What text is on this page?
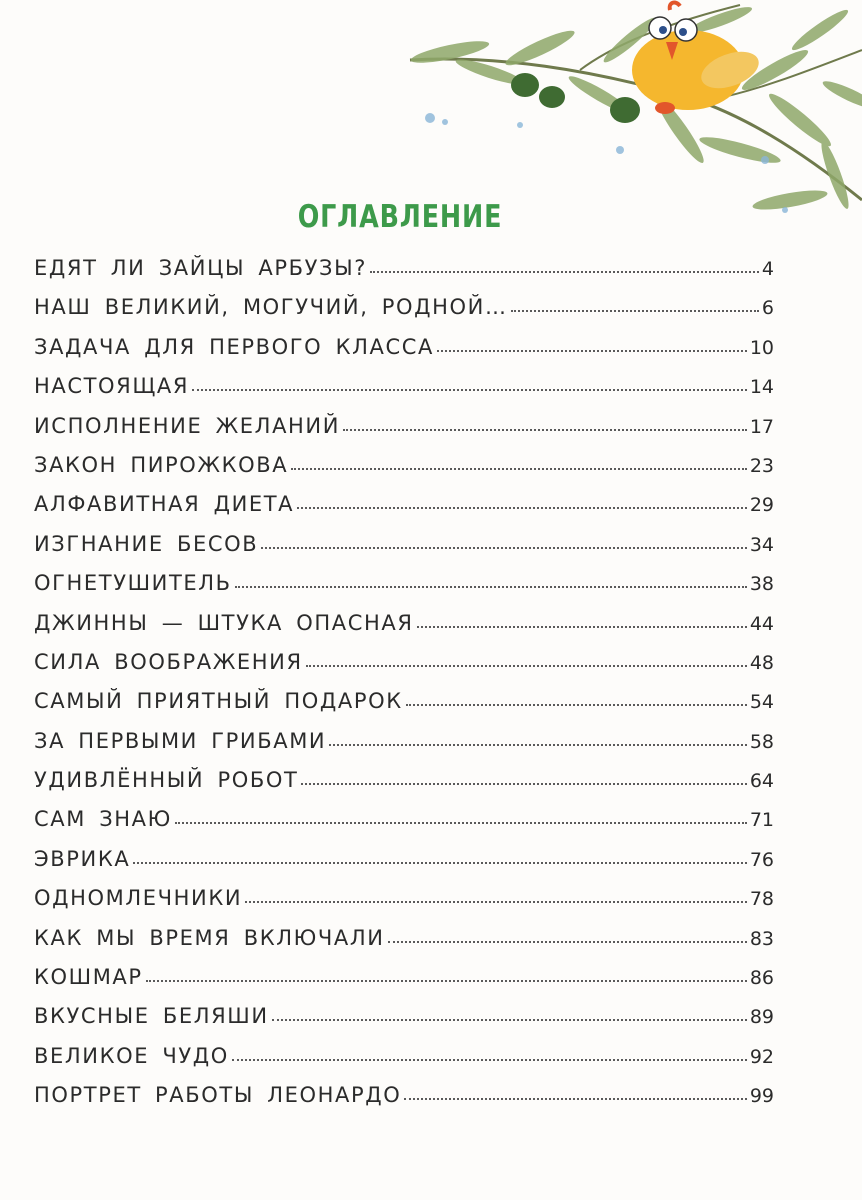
ОГЛАВЛЕНИЕ
ЕДЯТ ЛИ ЗАЙЦЫ АРБУЗЫ?	4
НАШ ВЕЛИКИЙ, МОГУЧИЙ, РОДНОЙ…	6
ЗАДАЧА ДЛЯ ПЕРВОГО КЛАССА	10
НАСТОЯЩАЯ	14
ИСПОЛНЕНИЕ ЖЕЛАНИЙ	17
ЗАКОН ПИРОЖКОВА	23
АЛФАВИТНАЯ ДИЕТА	29
ИЗГНАНИЕ БЕСОВ	34
ОГНЕТУШИТЕЛЬ	38
ДЖИННЫ — ШТУКА ОПАСНАЯ	44
СИЛА ВООБРАЖЕНИЯ	48
САМЫЙ ПРИЯТНЫЙ ПОДАРОК	54
ЗА ПЕРВЫМИ ГРИБАМИ	58
УДИВЛЁННЫЙ РОБОТ	64
САМ ЗНАЮ	71
ЭВРИКА	76
ОДНОМЛЕЧНИКИ	78
КАК МЫ ВРЕМЯ ВКЛЮЧАЛИ	83
КОШМАР	86
ВКУСНЫЕ БЕЛЯШИ	89
ВЕЛИКОЕ ЧУДО	92
ПОРТРЕТ РАБОТЫ ЛЕОНАРДО	99
